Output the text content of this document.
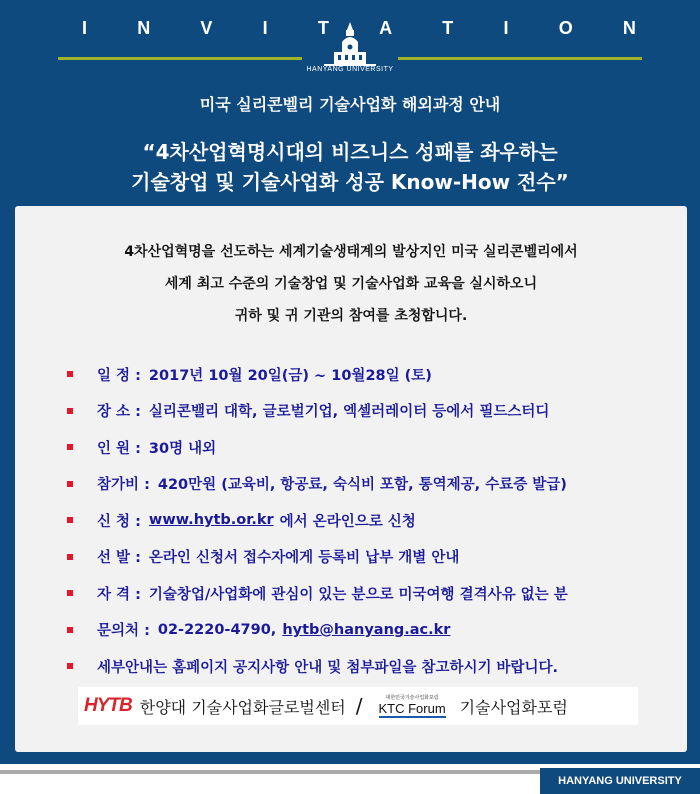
I	N	V	I	T	A	T	I	O	N
HANYANG UNIVERSITY
미국 실리콘벨리 기술사업화 해외과정 안내
“4차산업혁명시대의 비즈니스 성패를 좌우하는
기술창업 및 기술사업화 성공 Know-How 전수”
4차산업혁명을 선도하는 세계기술생태계의 발상지인 미국 실리콘벨리에서
세계 최고 수준의 기술창업 및 기술사업화 교육을 실시하오니
귀하 및 귀 기관의 참여를 초청합니다.
일 정 : 2017년 10월 20일(금) ~ 10월28일 (토)
장 소 : 실리콘밸리 대학, 글로벌기업, 엑셀러레이터 등에서 필드스터디
인 원 : 30명 내외
참가비 : 420만원 (교육비, 항공료, 숙식비 포함, 통역제공, 수료증 발급)
신 청 : www.hytb.or.kr 에서 온라인으로 신청
선 발 : 온라인 신청서 접수자에게 등록비 납부 개별 안내
자 격 : 기술창업/사업화에 관심이 있는 분으로 미국여행 결격사유 없는 분
문의처 : 02-2220-4790, hytb@hanyang.ac.kr
세부안내는 홈페이지 공지사항 안내 및 첨부파일을 참고하시기 바랍니다.
HYTB 한양대 기술사업화글로벌센터 /	대한민국기술사업화포럼
KTC Forum 기술사업화포럼
HANYANG UNIVERSITY
